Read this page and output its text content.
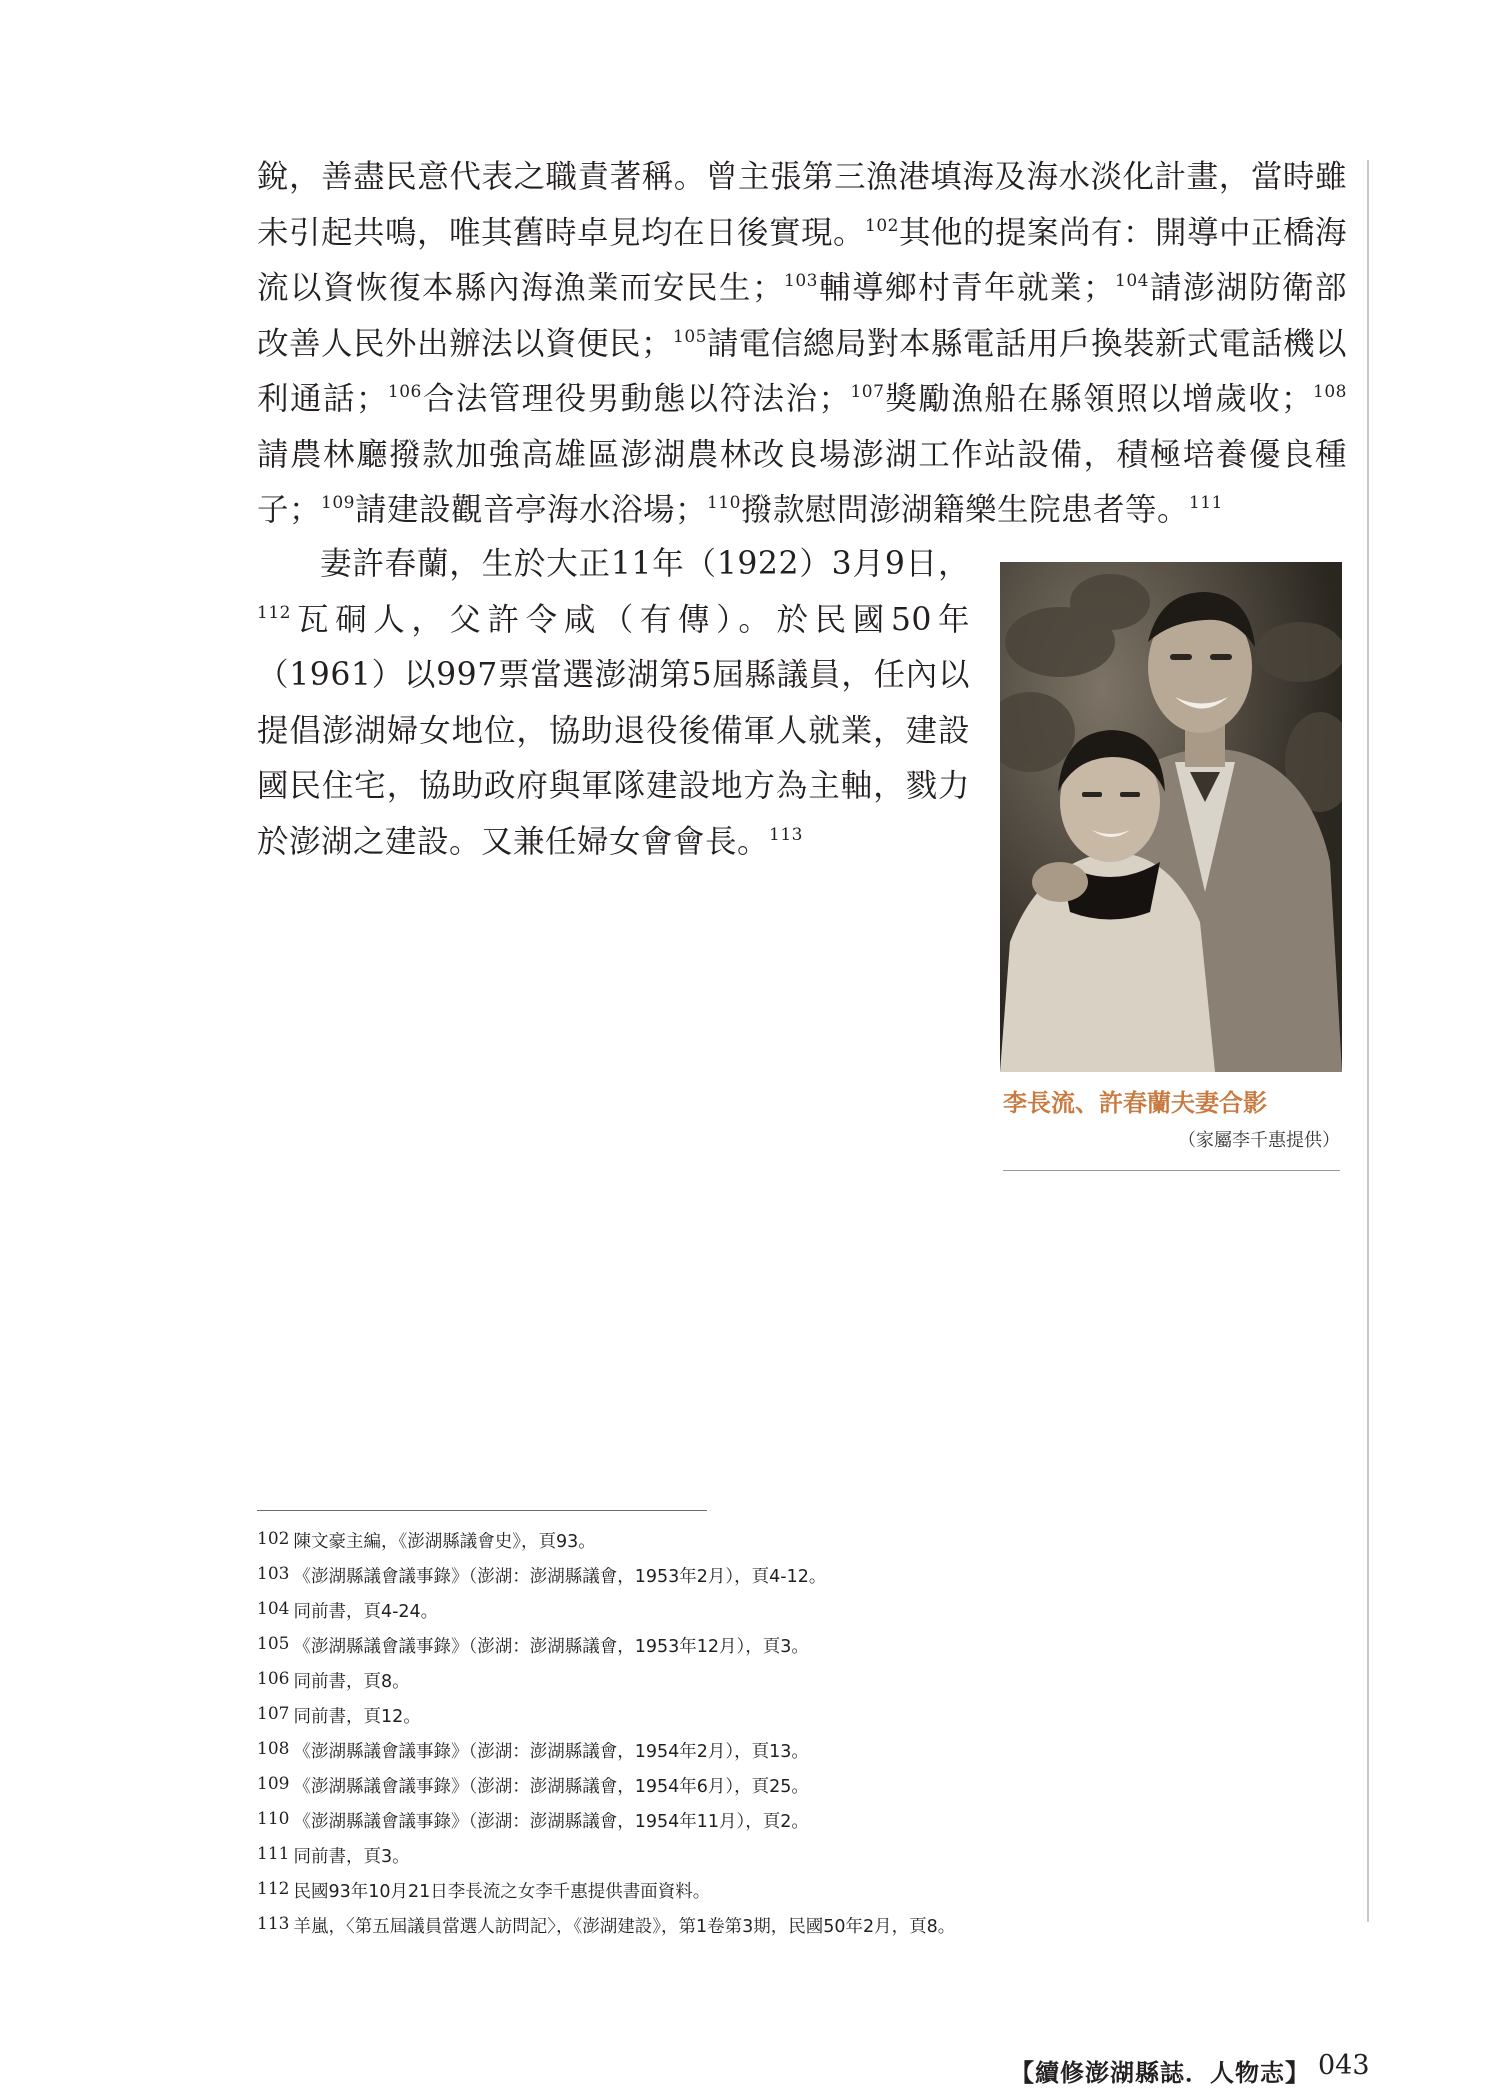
銳，善盡民意代表之職責著稱。曾主張第三漁港填海及海水淡化計畫，當時雖未引起共鳴，唯其舊時卓見均在日後實現。$^{102}$其他的提案尚有：開導中正橋海流以資恢復本縣內海漁業而安民生；$^{103}$輔導鄉村青年就業；$^{104}$請澎湖防衛部改善人民外出辦法以資便民；$^{105}$請電信總局對本縣電話用戶換裝新式電話機以利通話；$^{106}$合法管理役男動態以符法治；$^{107}$獎勵漁船在縣領照以增歲收；$^{108}$請農林廳撥款加強高雄區澎湖農林改良場澎湖工作站設備，積極培養優良種子；$^{109}$請建設觀音亭海水浴場；$^{110}$撥款慰問澎湖籍樂生院患者等。$^{111}$

妻許春蘭，生於大正11年（1922）3月9日，$^{112}$瓦硐人，父許令咸（有傳）。於民國50年（1961）以997票當選澎湖第5屆縣議員，任內以提倡澎湖婦女地位，協助退役後備軍人就業，建設國民住宅，協助政府與軍隊建設地方為主軸，戮力於澎湖之建設。又兼任婦女會會長。$^{113}$

李長流、許春蘭夫妻合影
（家屬李千惠提供）
102 陳文豪主編，《澎湖縣議會史》，頁93。
103 《澎湖縣議會議事錄》（澎湖：澎湖縣議會，1953年2月），頁4-12。
104 同前書，頁4-24。
105 《澎湖縣議會議事錄》（澎湖：澎湖縣議會，1953年12月），頁3。
106 同前書，頁8。
107 同前書，頁12。
108 《澎湖縣議會議事錄》（澎湖：澎湖縣議會，1954年2月），頁13。
109 《澎湖縣議會議事錄》（澎湖：澎湖縣議會，1954年6月），頁25。
110 《澎湖縣議會議事錄》（澎湖：澎湖縣議會，1954年11月），頁2。
111 同前書，頁3。
112 民國93年10月21日李長流之女李千惠提供書面資料。
113 羊嵐，〈第五屆議員當選人訪問記〉，《澎湖建設》，第1卷第3期，民國50年2月，頁8。
【續修澎湖縣誌．人物志】 043
